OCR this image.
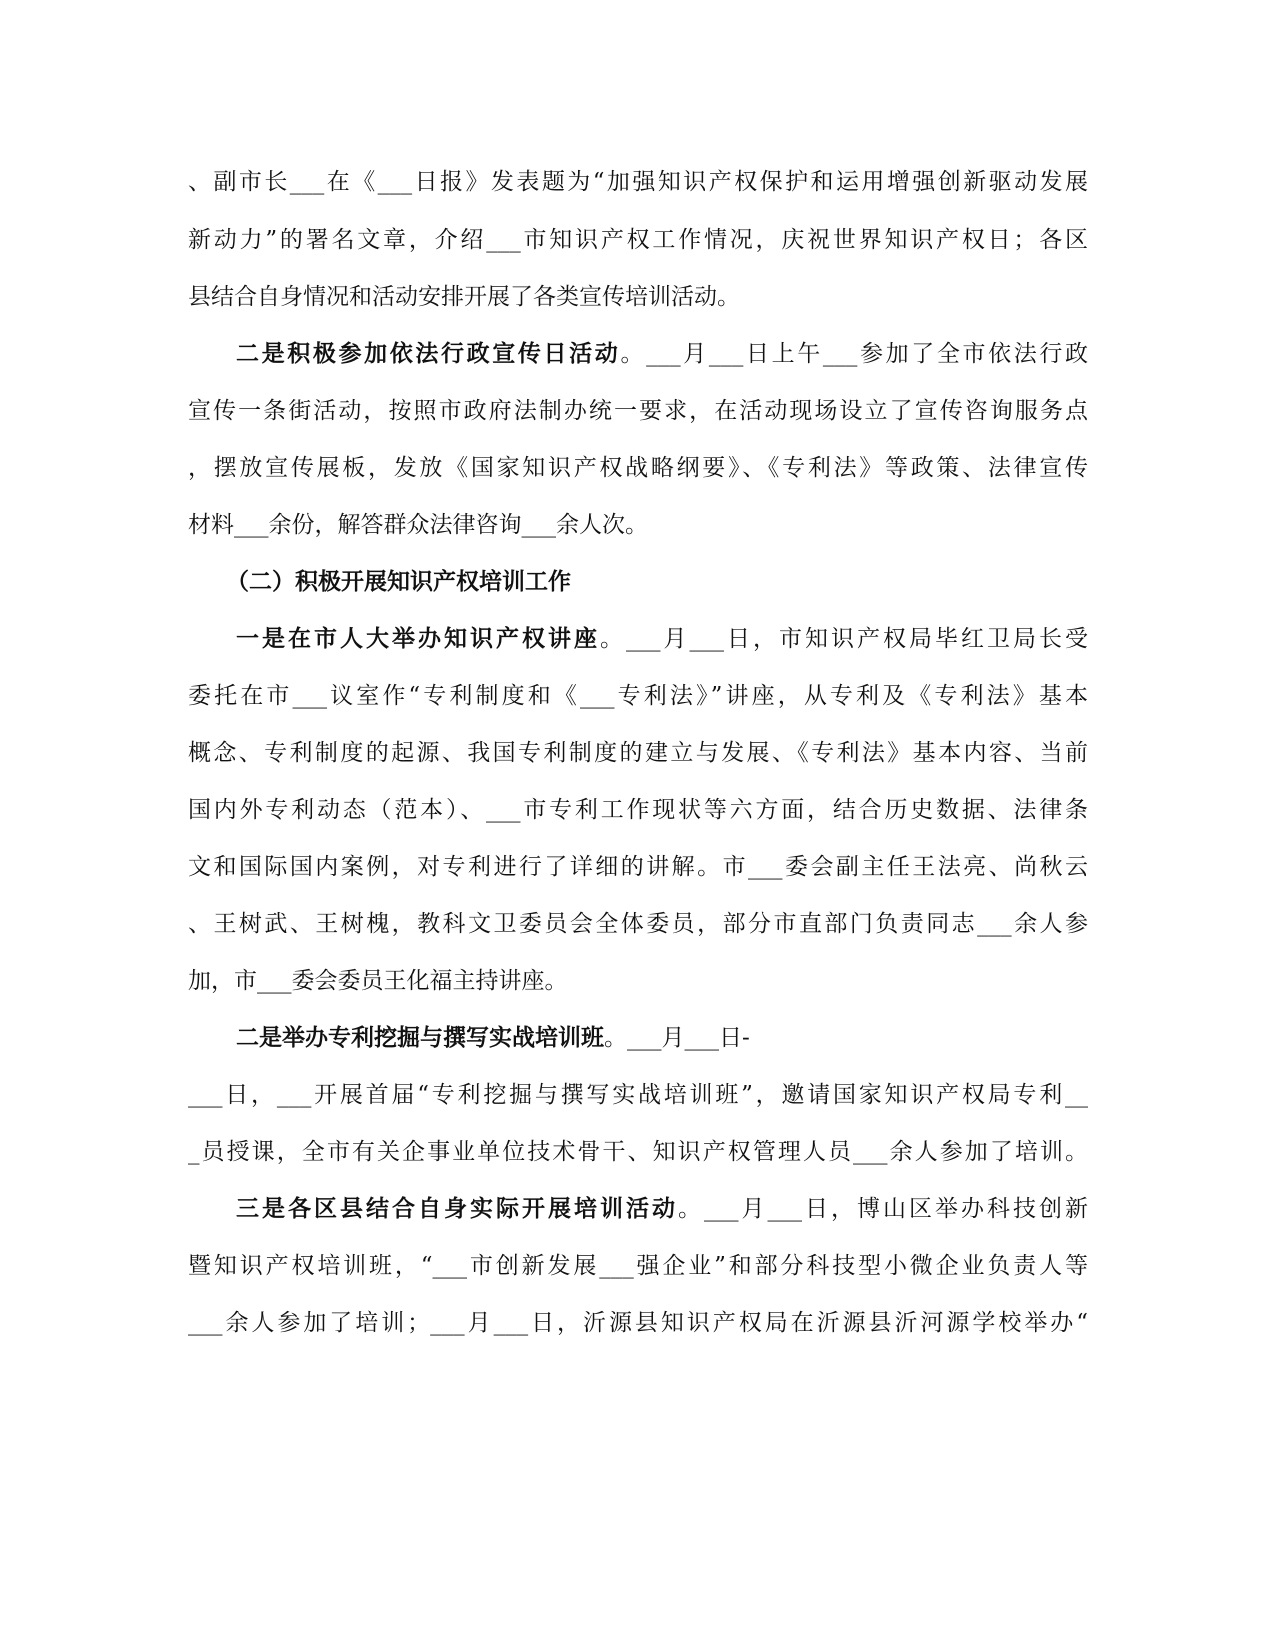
、副市长___在《___日报》发表题为“加强知识产权保护和运用增强创新驱动发展
新动力”的署名文章，介绍___市知识产权工作情况，庆祝世界知识产权日；各区
县结合自身情况和活动安排开展了各类宣传培训活动。
二是积极参加依法行政宣传日活动。___月___日上午___参加了全市依法行政
宣传一条街活动，按照市政府法制办统一要求，在活动现场设立了宣传咨询服务点
，摆放宣传展板，发放《国家知识产权战略纲要》、《专利法》等政策、法律宣传
材料___余份，解答群众法律咨询___余人次。
（二）积极开展知识产权培训工作
一是在市人大举办知识产权讲座。___月___日，市知识产权局毕红卫局长受
委托在市___议室作“专利制度和《___专利法》”讲座，从专利及《专利法》基本
概念、专利制度的起源、我国专利制度的建立与发展、《专利法》基本内容、当前
国内外专利动态（范本）、___市专利工作现状等六方面，结合历史数据、法律条
文和国际国内案例，对专利进行了详细的讲解。市___委会副主任王法亮、尚秋云
、王树武、王树槐，教科文卫委员会全体委员，部分市直部门负责同志___余人参
加，市___委会委员王化福主持讲座。
二是举办专利挖掘与撰写实战培训班。___月___日-
___日，___开展首届“专利挖掘与撰写实战培训班”，邀请国家知识产权局专利__
_员授课，全市有关企事业单位技术骨干、知识产权管理人员___余人参加了培训。
三是各区县结合自身实际开展培训活动。___月___日，博山区举办科技创新
暨知识产权培训班，“___市创新发展___强企业”和部分科技型小微企业负责人等
___余人参加了培训；___月___日，沂源县知识产权局在沂源县沂河源学校举办“
